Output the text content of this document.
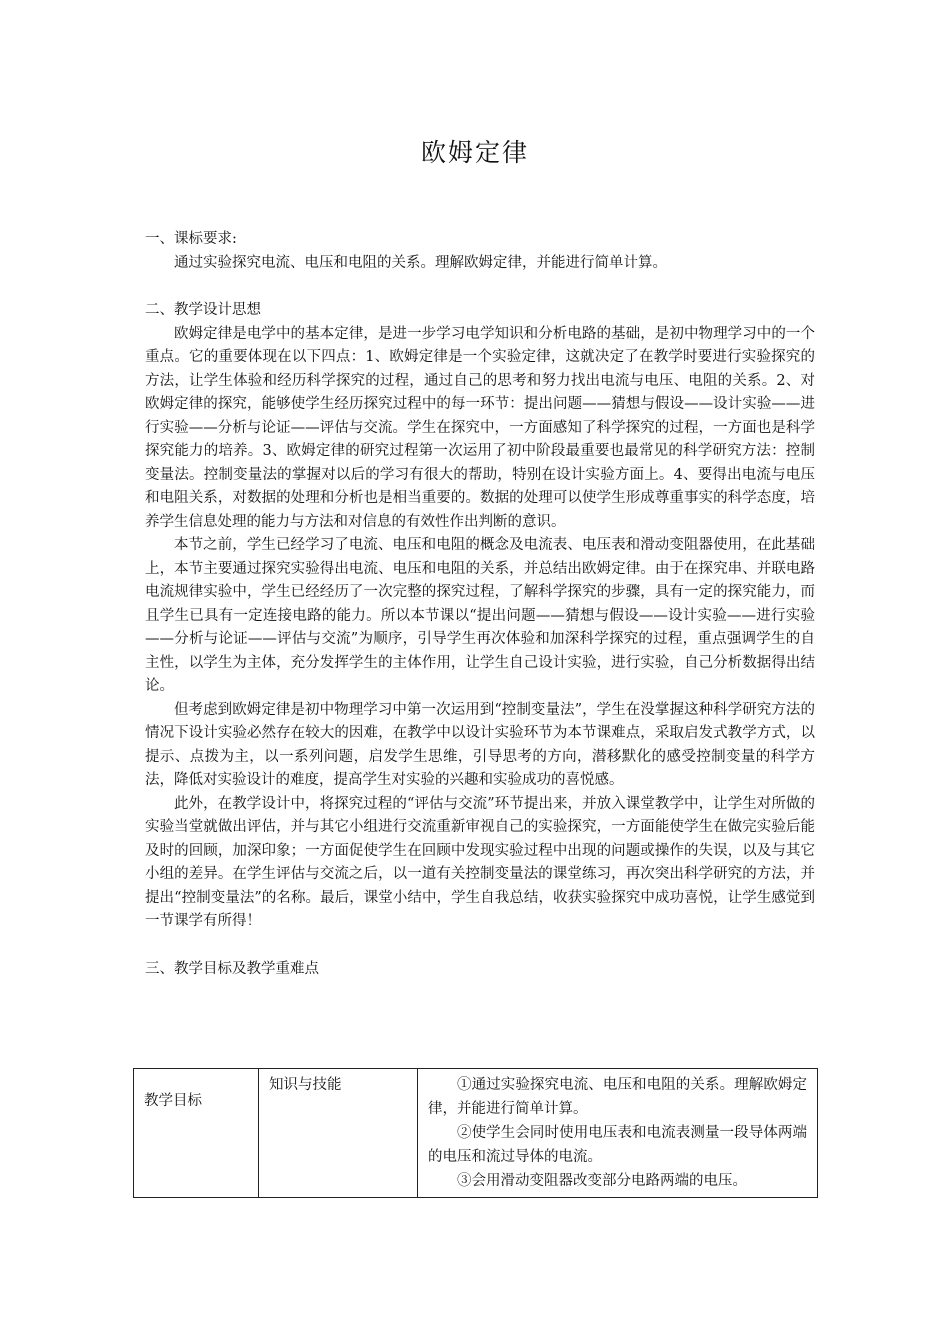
欧姆定律

一、课标要求:

通过实验探究电流、电压和电阻的关系。理解欧姆定律，并能进行简单计算。

二、教学设计思想

欧姆定律是电学中的基本定律，是进一步学习电学知识和分析电路的基础，是初中物理学习中的一个重点。它的重要体现在以下四点：1、欧姆定律是一个实验定律，这就决定了在教学时要进行实验探究的方法，让学生体验和经历科学探究的过程，通过自己的思考和努力找出电流与电压、电阻的关系。2、对欧姆定律的探究，能够使学生经历探究过程中的每一环节：提出问题——猜想与假设——设计实验——进行实验——分析与论证——评估与交流。学生在探究中，一方面感知了科学探究的过程，一方面也是科学探究能力的培养。3、欧姆定律的研究过程第一次运用了初中阶段最重要也最常见的科学研究方法：控制变量法。控制变量法的掌握对以后的学习有很大的帮助，特别在设计实验方面上。4、要得出电流与电压和电阻关系，对数据的处理和分析也是相当重要的。数据的处理可以使学生形成尊重事实的科学态度，培养学生信息处理的能力与方法和对信息的有效性作出判断的意识。

本节之前，学生已经学习了电流、电压和电阻的概念及电流表、电压表和滑动变阻器使用，在此基础上，本节主要通过探究实验得出电流、电压和电阻的关系，并总结出欧姆定律。由于在探究串、并联电路电流规律实验中，学生已经经历了一次完整的探究过程，了解科学探究的步骤，具有一定的探究能力，而且学生已具有一定连接电路的能力。所以本节课以“提出问题——猜想与假设——设计实验——进行实验——分析与论证——评估与交流”为顺序，引导学生再次体验和加深科学探究的过程，重点强调学生的自主性，以学生为主体，充分发挥学生的主体作用，让学生自己设计实验，进行实验，自己分析数据得出结论。

但考虑到欧姆定律是初中物理学习中第一次运用到“控制变量法”，学生在没掌握这种科学研究方法的情况下设计实验必然存在较大的因难，在教学中以设计实验环节为本节课难点，采取启发式教学方式，以提示、点拨为主，以一系列问题，启发学生思维，引导思考的方向，潜移默化的感受控制变量的科学方法，降低对实验设计的难度，提高学生对实验的兴趣和实验成功的喜悦感。

此外，在教学设计中，将探究过程的“评估与交流”环节提出来，并放入课堂教学中，让学生对所做的实验当堂就做出评估，并与其它小组进行交流重新审视自己的实验探究，一方面能使学生在做完实验后能及时的回顾，加深印象；一方面促使学生在回顾中发现实验过程中出现的问题或操作的失误，以及与其它小组的差异。在学生评估与交流之后，以一道有关控制变量法的课堂练习，再次突出科学研究的方法，并提出“控制变量法”的名称。最后，课堂小结中，学生自我总结，收获实验探究中成功喜悦，让学生感觉到一节课学有所得！

三、教学目标及教学重难点

教学目标	知识与技能	①通过实验探究电流、电压和电阻的关系。理解欧姆定律，并能进行简单计算。

②使学生会同时使用电压表和电流表测量一段导体两端的电压和流过导体的电流。

③会用滑动变阻器改变部分电路两端的电压。
